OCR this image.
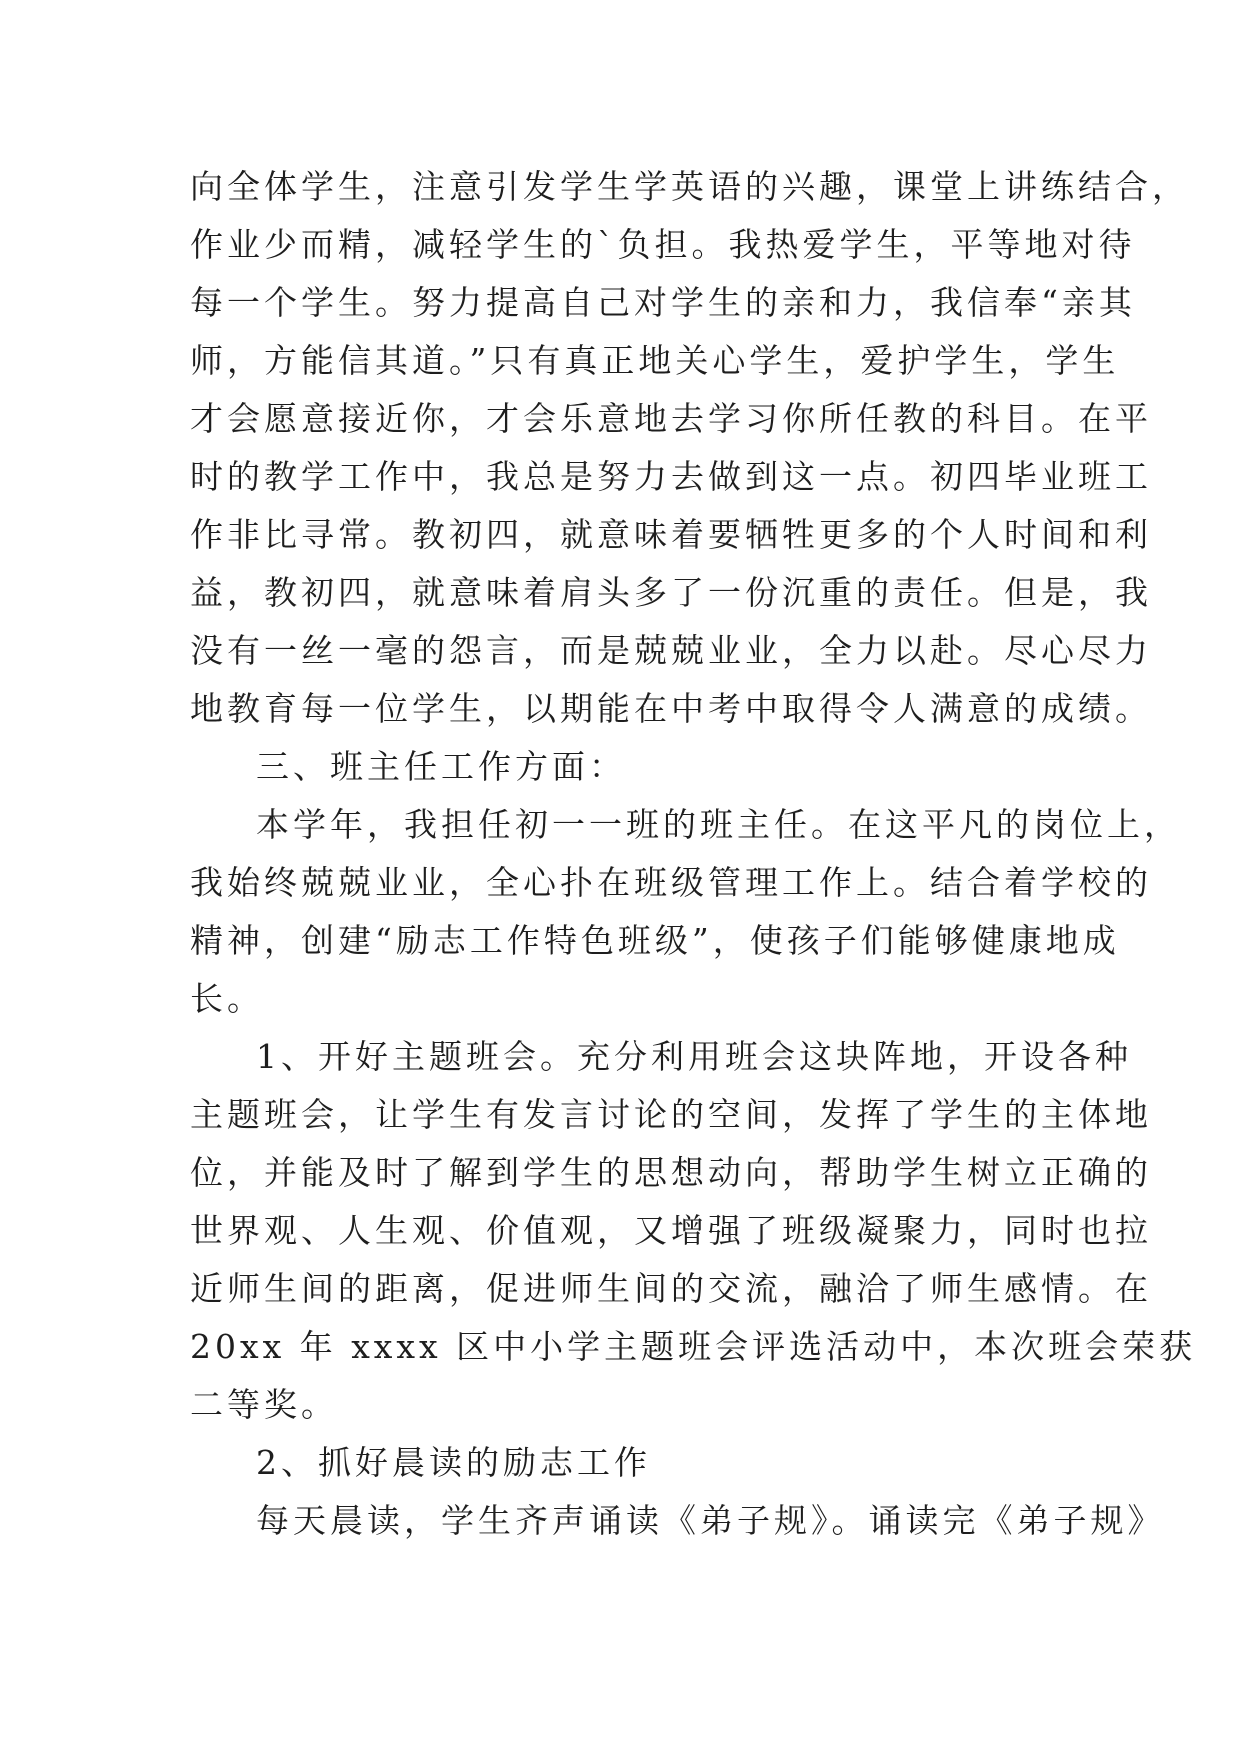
向全体学生，注意引发学生学英语的兴趣，课堂上讲练结合，
作业少而精，减轻学生的`负担。我热爱学生，平等地对待
每一个学生。努力提高自己对学生的亲和力，我信奉“亲其
师，方能信其道。”只有真正地关心学生，爱护学生，学生
才会愿意接近你，才会乐意地去学习你所任教的科目。在平
时的教学工作中，我总是努力去做到这一点。初四毕业班工
作非比寻常。教初四，就意味着要牺牲更多的个人时间和利
益，教初四，就意味着肩头多了一份沉重的责任。但是，我
没有一丝一毫的怨言，而是兢兢业业，全力以赴。尽心尽力
地教育每一位学生，以期能在中考中取得令人满意的成绩。
三、班主任工作方面：
本学年，我担任初一一班的班主任。在这平凡的岗位上，
我始终兢兢业业，全心扑在班级管理工作上。结合着学校的
精神，创建“励志工作特色班级”，使孩子们能够健康地成
长。
1、开好主题班会。充分利用班会这块阵地，开设各种
主题班会，让学生有发言讨论的空间，发挥了学生的主体地
位，并能及时了解到学生的思想动向，帮助学生树立正确的
世界观、人生观、价值观，又增强了班级凝聚力，同时也拉
近师生间的距离，促进师生间的交流，融洽了师生感情。在
20xx 年 xxxx 区中小学主题班会评选活动中，本次班会荣获
二等奖。
2、抓好晨读的励志工作
每天晨读，学生齐声诵读《弟子规》。诵读完《弟子规》
